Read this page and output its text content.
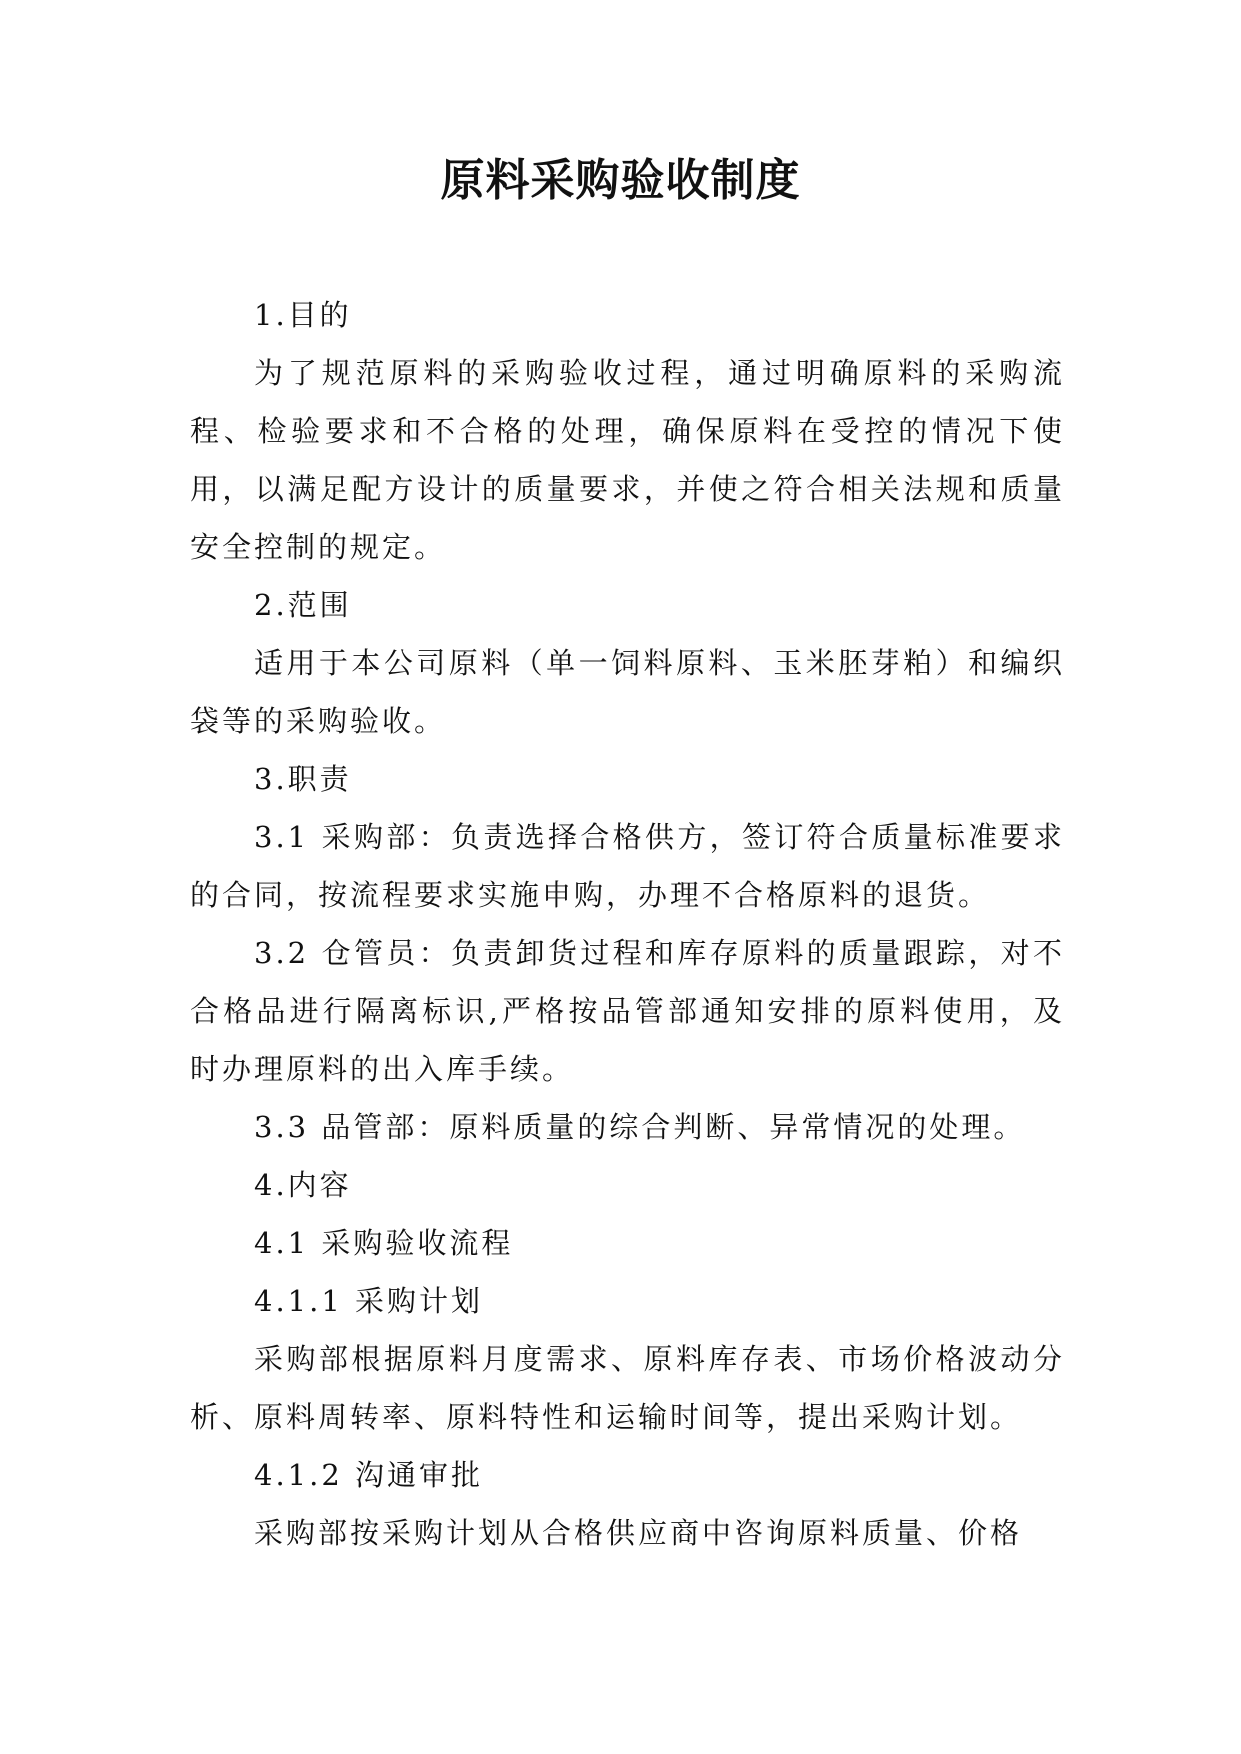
原料采购验收制度

1.目的

为了规范原料的采购验收过程，通过明确原料的采购流程、检验要求和不合格的处理，确保原料在受控的情况下使用，以满足配方设计的质量要求，并使之符合相关法规和质量安全控制的规定。

2.范围

适用于本公司原料（单一饲料原料、玉米胚芽粕）和编织袋等的采购验收。

3.职责

3.1 采购部：负责选择合格供方，签订符合质量标准要求的合同，按流程要求实施申购，办理不合格原料的退货。

3.2 仓管员：负责卸货过程和库存原料的质量跟踪，对不合格品进行隔离标识,严格按品管部通知安排的原料使用，及时办理原料的出入库手续。

3.3 品管部：原料质量的综合判断、异常情况的处理。

4.内容

4.1 采购验收流程

4.1.1 采购计划

采购部根据原料月度需求、原料库存表、市场价格波动分析、原料周转率、原料特性和运输时间等，提出采购计划。

4.1.2 沟通审批

采购部按采购计划从合格供应商中咨询原料质量、价格
